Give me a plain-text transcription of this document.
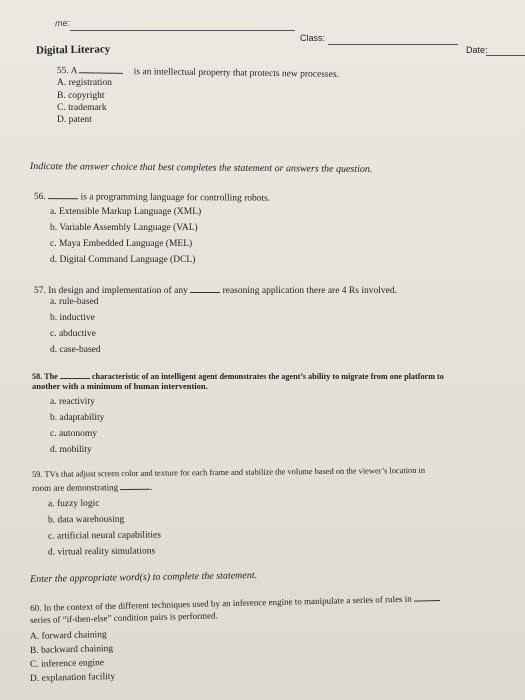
me:
Class:
Date:
Digital Literacy
55. A	is an intellectual property that protects new processes.
A. registration
B. copyright
C. trademark
D. patent
Indicate the answer choice that best completes the statement or answers the question.
56.	is a programming language for controlling robots.
a. Extensible Markup Language (XML)
b. Variable Assembly Language (VAL)
c. Maya Embedded Language (MEL)
d. Digital Command Language (DCL)
57. In design and implementation of any	reasoning application there are 4 Rs involved.
a. rule-based
b. inductive
c. abductive
d. case-based
58. The	characteristic of an intelligent agent demonstrates the agent’s ability to migrate from one platform to
another with a minimum of human intervention.
a. reactivity
b. adaptability
c. autonomy
d. mobility
59. TVs that adjust screen color and texture for each frame and stabilize the volume based on the viewer’s location in
room are demonstrating	.
a. fuzzy logic
b. data warehousing
c. artificial neural capabilities
d. virtual reality simulations
Enter the appropriate word(s) to complete the statement.
60. In the context of the different techniques used by an inference engine to manipulate a series of rules in
series of “if-then-else” condition pairs is performed.
A. forward chaining
B. backward chaining
C. inference engine
D. explanation facility
